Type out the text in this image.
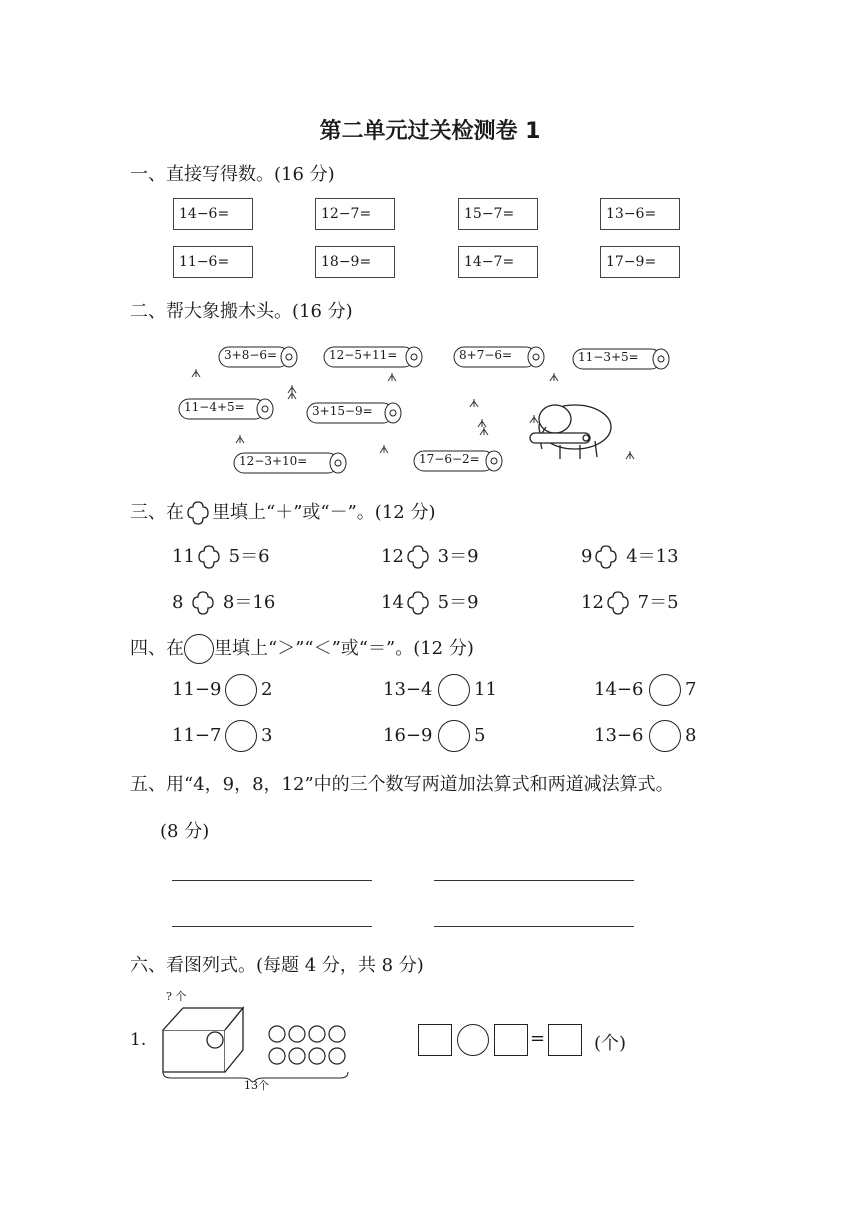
第二单元过关检测卷 1
一、直接写得数。(16 分)
14−6=	12−7=	15−7=	13−6=
11−6=	18−9=	14−7=	17−9=
二、帮大象搬木头。(16 分)
3+8−6=	12−5+11=	8+7−6=	11−3+5=
11−4+5=	3+15−9=
12−3+10=	17−6−2=
三、在 里填上“＋”或“－”。(12 分)
11 5＝6	12 3＝9	9 4＝13
8 8＝16	14 5＝9	12 7＝5
四、在 里填上“＞”“＜”或“＝”。(12 分)
11−9 2	13−4 11	14−6 7
11−7 3	16−9 5	13−6 8
五、用“4，9，8，12”中的三个数写两道加法算式和两道减法算式。
(8 分)
六、看图列式。(每题 4 分，共 8 分)
1.
? 个
13个
=	(个)
